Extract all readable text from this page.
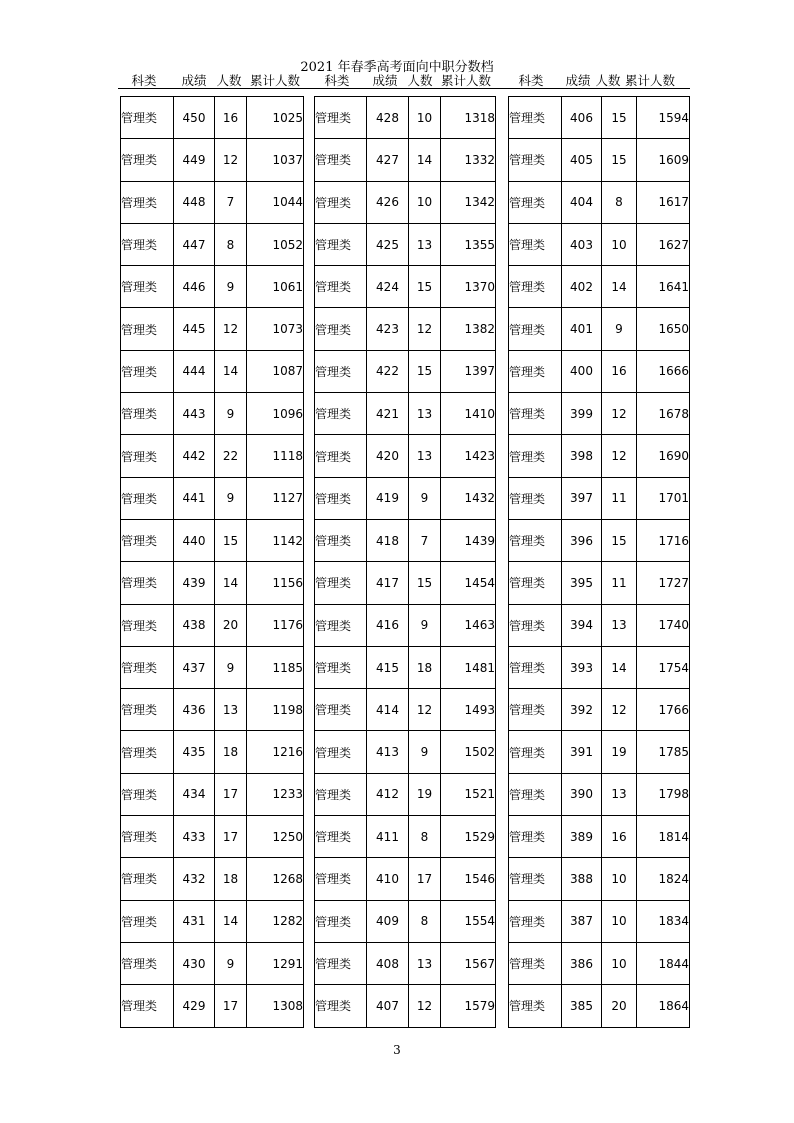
2021 年春季高考面向中职分数档
科类	成绩 人数 累计人数	科类	成绩 人数 累计人数	科类	成绩 人数 累计人数
管理类	450	16	1025
管理类	449	12	1037
管理类	448	7	1044
管理类	447	8	1052
管理类	446	9	1061
管理类	445	12	1073
管理类	444	14	1087
管理类	443	9	1096
管理类	442	22	1118
管理类	441	9	1127
管理类	440	15	1142
管理类	439	14	1156
管理类	438	20	1176
管理类	437	9	1185
管理类	436	13	1198
管理类	435	18	1216
管理类	434	17	1233
管理类	433	17	1250
管理类	432	18	1268
管理类	431	14	1282
管理类	430	9	1291
管理类	429	17	1308
管理类	428	10	1318
管理类	427	14	1332
管理类	426	10	1342
管理类	425	13	1355
管理类	424	15	1370
管理类	423	12	1382
管理类	422	15	1397
管理类	421	13	1410
管理类	420	13	1423
管理类	419	9	1432
管理类	418	7	1439
管理类	417	15	1454
管理类	416	9	1463
管理类	415	18	1481
管理类	414	12	1493
管理类	413	9	1502
管理类	412	19	1521
管理类	411	8	1529
管理类	410	17	1546
管理类	409	8	1554
管理类	408	13	1567
管理类	407	12	1579
管理类	406	15	1594
管理类	405	15	1609
管理类	404	8	1617
管理类	403	10	1627
管理类	402	14	1641
管理类	401	9	1650
管理类	400	16	1666
管理类	399	12	1678
管理类	398	12	1690
管理类	397	11	1701
管理类	396	15	1716
管理类	395	11	1727
管理类	394	13	1740
管理类	393	14	1754
管理类	392	12	1766
管理类	391	19	1785
管理类	390	13	1798
管理类	389	16	1814
管理类	388	10	1824
管理类	387	10	1834
管理类	386	10	1844
管理类	385	20	1864
3
